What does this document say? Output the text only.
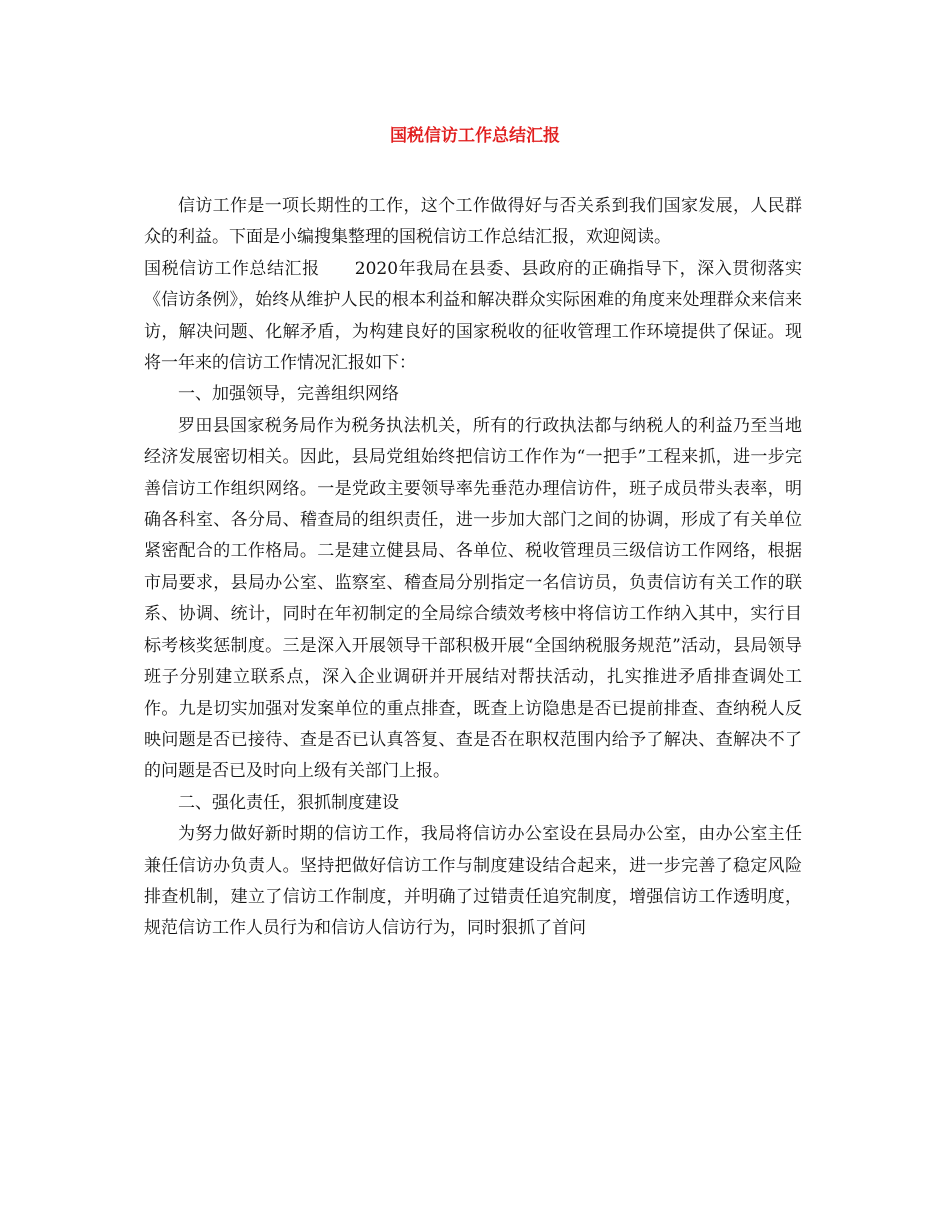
国税信访工作总结汇报

信访工作是一项长期性的工作，这个工作做得好与否关系到我们国家发展，人民群众的利益。下面是小编搜集整理的国税信访工作总结汇报，欢迎阅读。

国税信访工作总结汇报　　2020年我局在县委、县政府的正确指导下，深入贯彻落实《信访条例》，始终从维护人民的根本利益和解决群众实际困难的角度来处理群众来信来访，解决问题、化解矛盾，为构建良好的国家税收的征收管理工作环境提供了保证。现将一年来的信访工作情况汇报如下：

一、加强领导，完善组织网络

罗田县国家税务局作为税务执法机关，所有的行政执法都与纳税人的利益乃至当地经济发展密切相关。因此，县局党组始终把信访工作作为“一把手”工程来抓，进一步完善信访工作组织网络。一是党政主要领导率先垂范办理信访件，班子成员带头表率，明确各科室、各分局、稽查局的组织责任，进一步加大部门之间的协调，形成了有关单位紧密配合的工作格局。二是建立健县局、各单位、税收管理员三级信访工作网络，根据市局要求，县局办公室、监察室、稽查局分别指定一名信访员，负责信访有关工作的联系、协调、统计，同时在年初制定的全局综合绩效考核中将信访工作纳入其中，实行目标考核奖惩制度。三是深入开展领导干部积极开展“全国纳税服务规范”活动，县局领导班子分别建立联系点，深入企业调研并开展结对帮扶活动，扎实推进矛盾排查调处工作。九是切实加强对发案单位的重点排查，既查上访隐患是否已提前排查、查纳税人反映问题是否已接待、查是否已认真答复、查是否在职权范围内给予了解决、查解决不了的问题是否已及时向上级有关部门上报。

二、强化责任，狠抓制度建设

为努力做好新时期的信访工作，我局将信访办公室设在县局办公室，由办公室主任兼任信访办负责人。坚持把做好信访工作与制度建设结合起来，进一步完善了稳定风险排查机制，建立了信访工作制度，并明确了过错责任追究制度，增强信访工作透明度，规范信访工作人员行为和信访人信访行为，同时狠抓了首问
